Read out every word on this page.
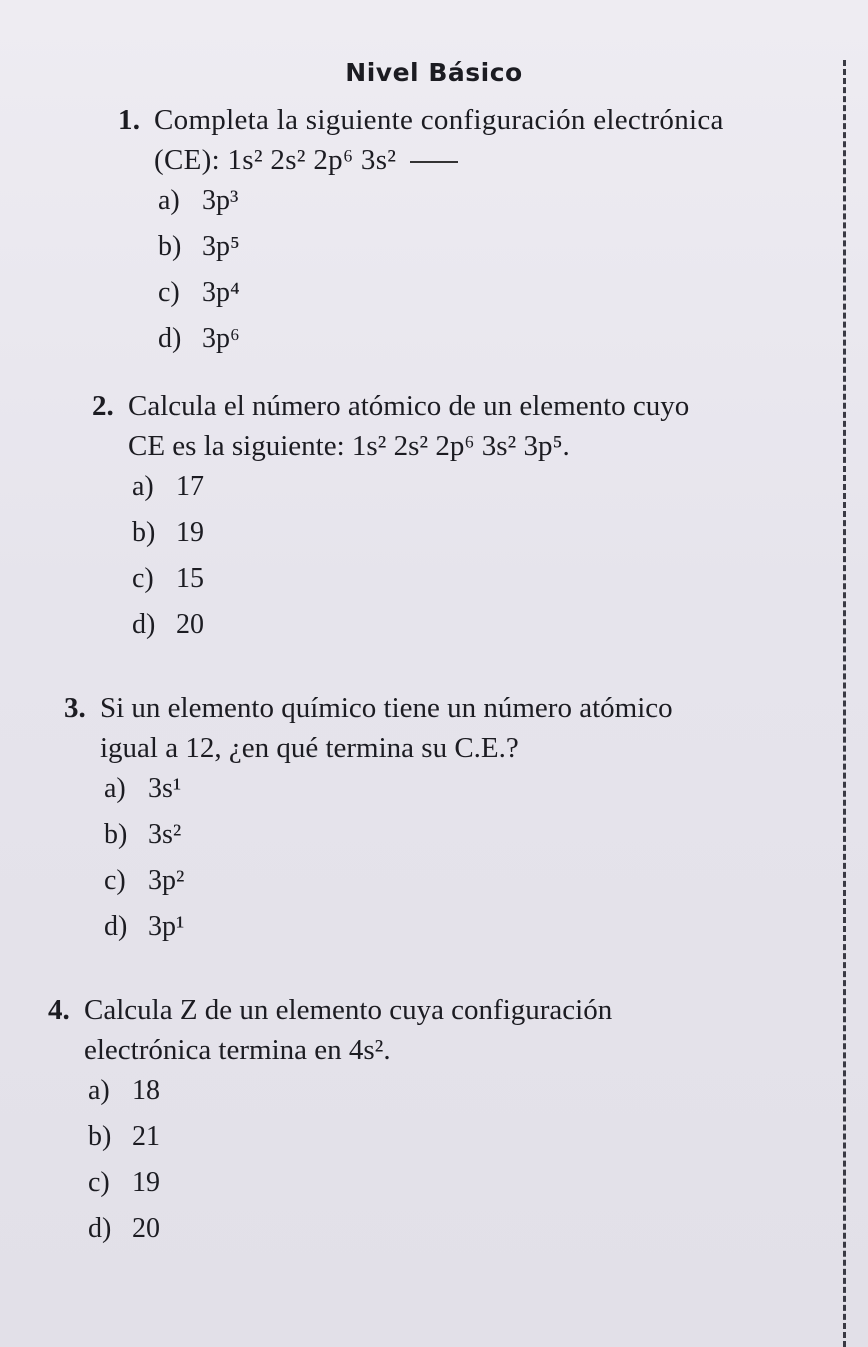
Nivel Básico
1. Completa la siguiente configuración electrónica
(CE): 1s² 2s² 2p⁶ 3s²
a) 3p³
b) 3p⁵
c) 3p⁴
d) 3p⁶
2. Calcula el número atómico de un elemento cuyo
CE es la siguiente: 1s² 2s² 2p⁶ 3s² 3p⁵.
a) 17
b) 19
c) 15
d) 20
3. Si un elemento químico tiene un número atómico
igual a 12, ¿en qué termina su C.E.?
a) 3s¹
b) 3s²
c) 3p²
d) 3p¹
4. Calcula Z de un elemento cuya configuración
electrónica termina en 4s².
a) 18
b) 21
c) 19
d) 20
